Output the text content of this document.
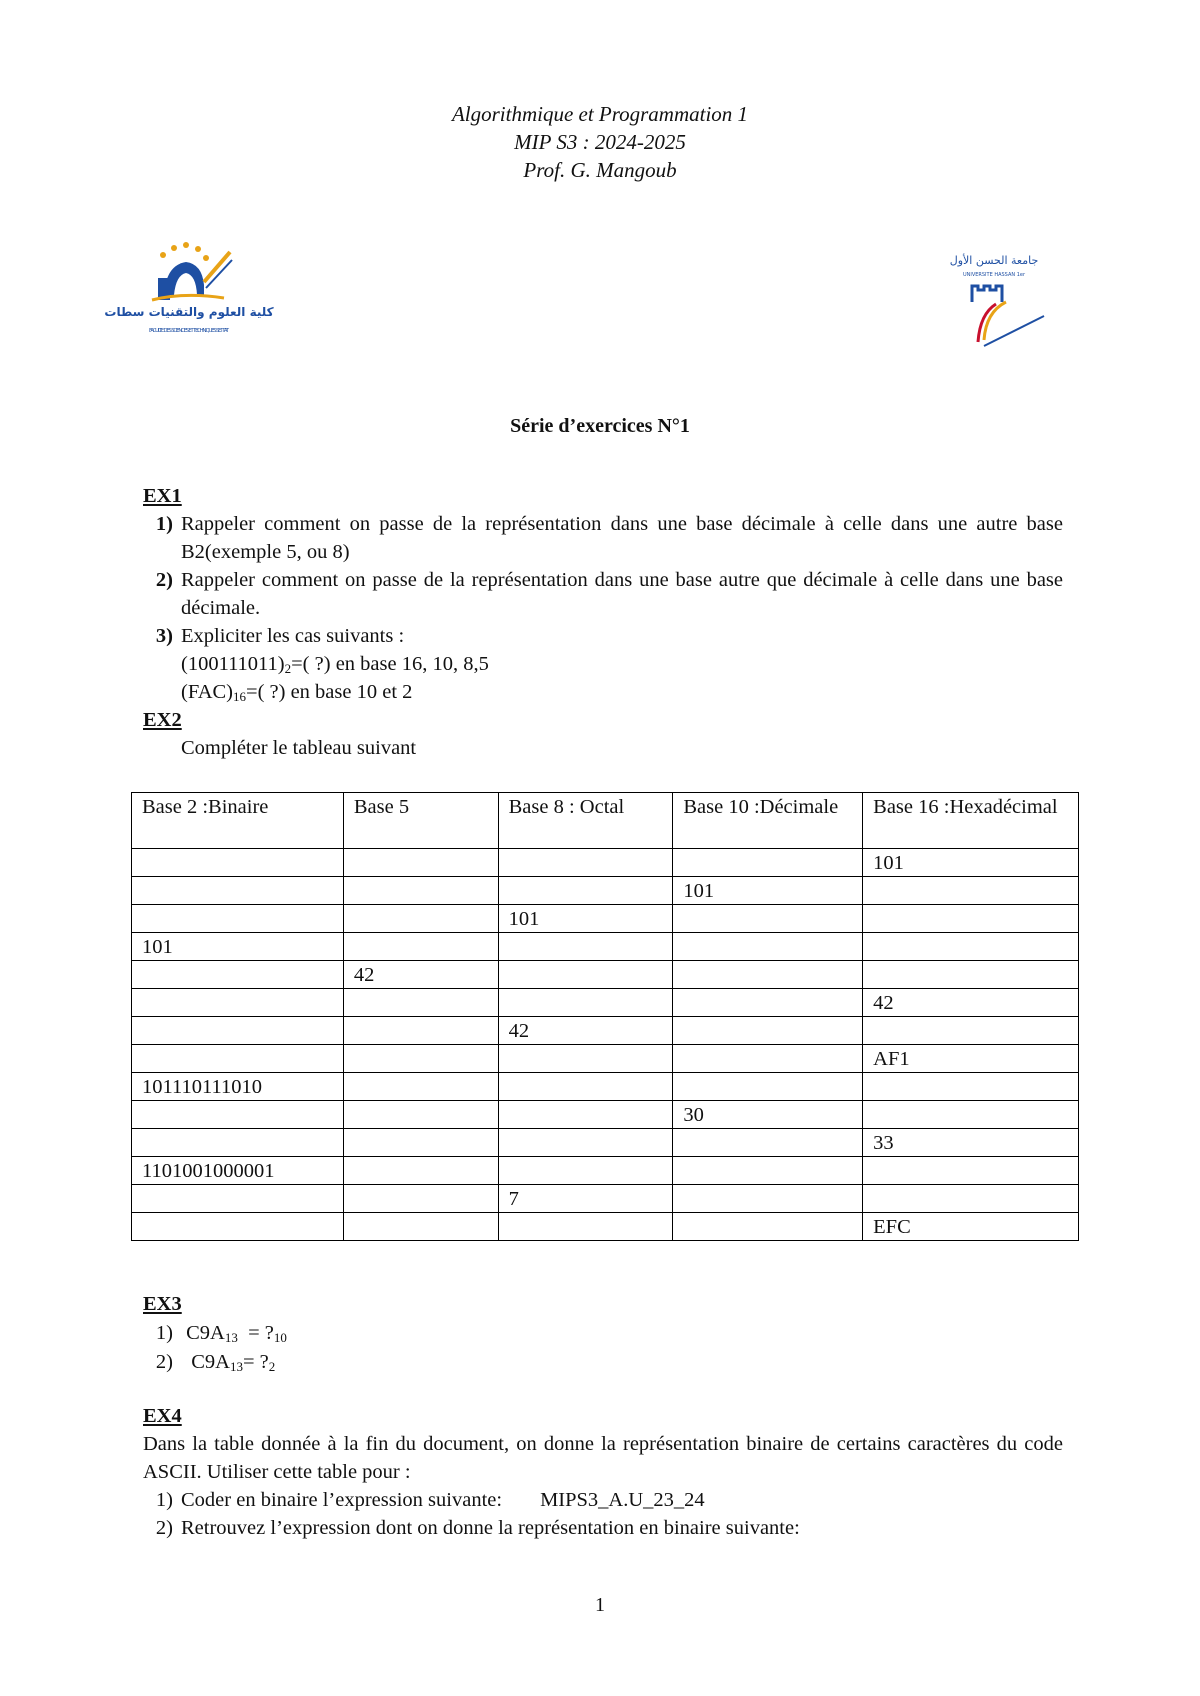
Algorithmique et Programmation 1
MIP S3 : 2024-2025
Prof. G. Mangoub
كلية العلوم والتقنيات سطات
FACULTE DES SCIENCES ET TECHNIQUES SETTAT
جامعة الحسن الأول
UNIVERSITE HASSAN 1er
Série d’exercices N°1
EX1
1) Rappeler comment on passe de la représentation dans une base décimale à celle dans une autre base B2(exemple 5, ou 8)
2) Rappeler comment on passe de la représentation dans une base autre que décimale à celle dans une base décimale.
3) Expliciter les cas suivants :
$(100111011)_2=$( ?) en base 16, 10, 8,5
$(FAC)_{16}=$( ?) en base 10 et 2
EX2
Compléter le tableau suivant
Base 2 :Binaire	Base 5	Base 8 : Octal	Base 10 :Décimale	Base 16 :Hexadécimal
				101
			101	
		101		
101				
	42			
				42
		42		
				AF1
101110111010				
			30	
				33
1101001000001				
		7		
				EFC
EX3
1) $C9A_{13}$  = $?_{10}$
2) $C9A_{13}=$ $?_2$
EX4
Dans la table donnée à la fin du document, on donne la représentation binaire de certains caractères du code ASCII. Utiliser cette table pour :
1) Coder en binaire l’expression suivante: MIPS3_A.U_23_24
2) Retrouvez l’expression dont on donne la représentation en binaire suivante:
1
